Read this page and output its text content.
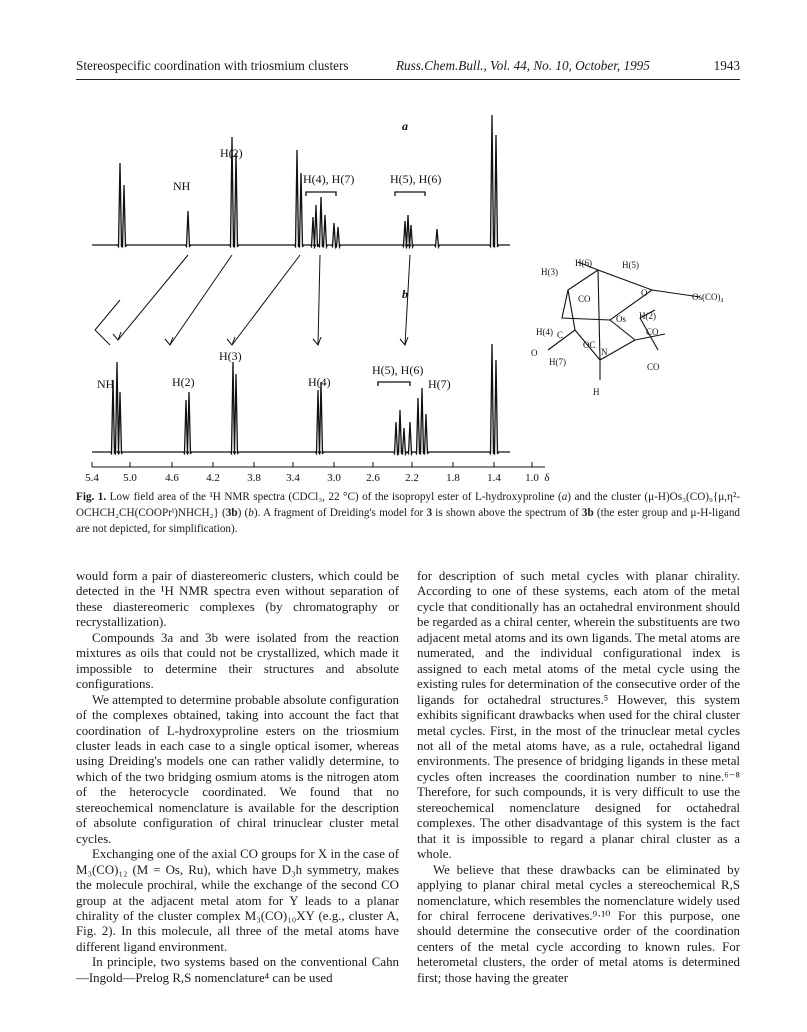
Stereospecific coordination with triosmium clusters	Russ.Chem.Bull., Vol. 44, No. 10, October, 1995	1943
a
NH
H(2)
H(4), H(7)	H(5), H(6)
b
NH	H(2)
H(3)
H(4)
H(5), H(6)
H(7)
5.4 5.0	4.6 4.2 3.8 3.4 3.0 2.6 2.2 1.8 1.4 1.0 δ
H(6)	H(5)
H(3)
CO
O	Os(CO)₄
H(2)
H(4)
Os
CO
OC
C
O
H(7)
N
CO
H
Fig. 1. Low field area of the ¹H NMR spectra (CDCl₃, 22 °C) of the isopropyl ester of L-hydroxyproline (a) and the cluster (μ-H)Os₃(CO)₉{μ,η²-OCHCH₂CH(COOPrⁱ)NHCH₂} (3b) (b). A fragment of Dreiding's model for 3 is shown above the spectrum of 3b (the ester group and μ-H-ligand are not depicted, for simplification).

would form a pair of diastereomeric clusters, which could be detected in the ¹H NMR spectra even without separation of these diastereomeric complexes (by chromatography or recrystallization).

Compounds 3a and 3b were isolated from the reaction mixtures as oils that could not be crystallized, which made it impossible to determine their structures and absolute configurations.

We attempted to determine probable absolute configuration of the complexes obtained, taking into account the fact that coordination of L-hydroxyproline esters on the triosmium cluster leads in each case to a single optical isomer, whereas using Dreiding's models one can rather validly determine, to which of the two bridging osmium atoms is the nitrogen atom of the heterocycle coordinated. We found that no stereochemical nomenclature is available for the description of absolute configuration of chiral trinuclear cluster metal cycles.

Exchanging one of the axial CO groups for X in the case of M₃(CO)₁₂ (M = Os, Ru), which have D₃h symmetry, makes the molecule prochiral, while the exchange of the second CO group at the adjacent metal atom for Y leads to a planar chirality of the cluster complex M₃(CO)₁₀XY (e.g., cluster A, Fig. 2). In this molecule, all three of the metal atoms have different ligand environment.

In principle, two systems based on the conventional Cahn—Ingold—Prelog R,S nomenclature⁴ can be used

for description of such metal cycles with planar chirality. According to one of these systems, each atom of the metal cycle that conditionally has an octahedral environment should be regarded as a chiral center, wherein the substituents are two adjacent metal atoms and its own ligands. The metal atoms are numerated, and the individual configurational index is assigned to each metal atoms of the metal cycle using the existing rules for determination of the consecutive order of the ligands for octahedral structures.⁵ However, this system exhibits significant drawbacks when used for the chiral cluster metal cycles. First, in the most of the trinuclear metal cycles not all of the metal atoms have, as a rule, octahedral ligand environments. The presence of bridging ligands in these metal cycles often increases the coordination number to nine.⁶⁻⁸ Therefore, for such compounds, it is very difficult to use the stereochemical nomenclature designed for octahedral complexes. The other disadvantage of this system is the fact that it is impossible to regard a planar chiral cluster as a whole.

We believe that these drawbacks can be eliminated by applying to planar chiral metal cycles a stereochemical R,S nomenclature, which resembles the nomenclature widely used for chiral ferrocene derivatives.⁹·¹⁰ For this purpose, one should determine the consecutive order of the coordination centers of the metal cycle according to known rules. For heterometal clusters, the order of metal atoms is determined first; those having the greater
